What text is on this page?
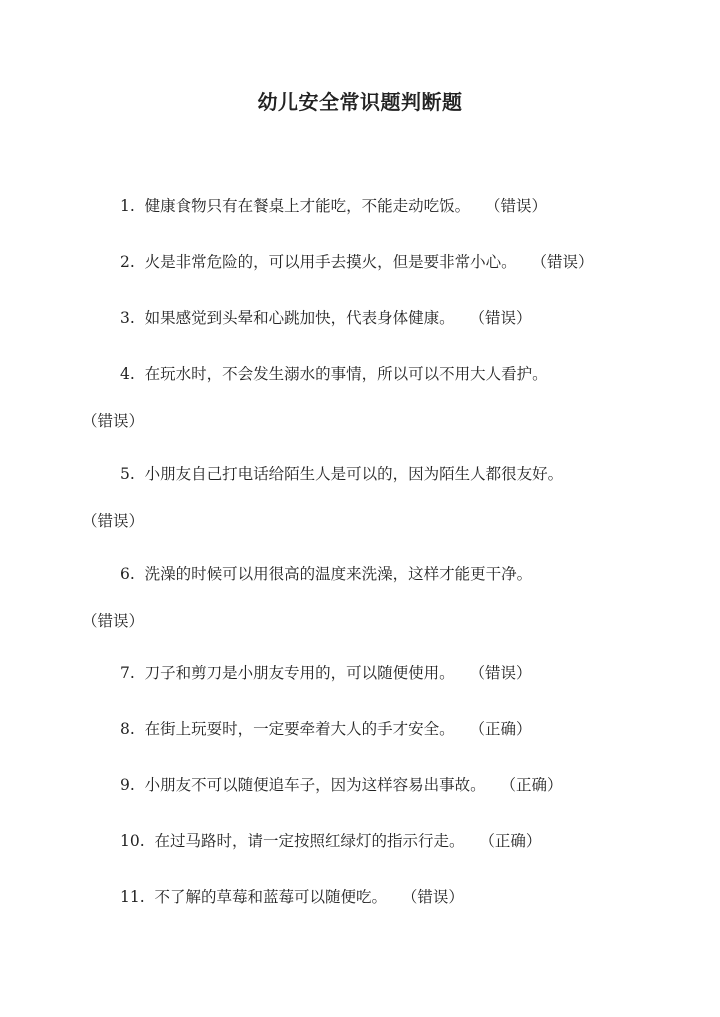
幼儿安全常识题判断题
1. 健康食物只有在餐桌上才能吃，不能走动吃饭。 （错误）
2. 火是非常危险的，可以用手去摸火，但是要非常小心。 （错误）
3. 如果感觉到头晕和心跳加快，代表身体健康。 （错误）
4. 在玩水时，不会发生溺水的事情，所以可以不用大人看护。
（错误）
5. 小朋友自己打电话给陌生人是可以的，因为陌生人都很友好。
（错误）
6. 洗澡的时候可以用很高的温度来洗澡，这样才能更干净。
（错误）
7. 刀子和剪刀是小朋友专用的，可以随便使用。 （错误）
8. 在街上玩耍时，一定要牵着大人的手才安全。 （正确）
9. 小朋友不可以随便追车子，因为这样容易出事故。 （正确）
10. 在过马路时，请一定按照红绿灯的指示行走。 （正确）
11. 不了解的草莓和蓝莓可以随便吃。 （错误）
